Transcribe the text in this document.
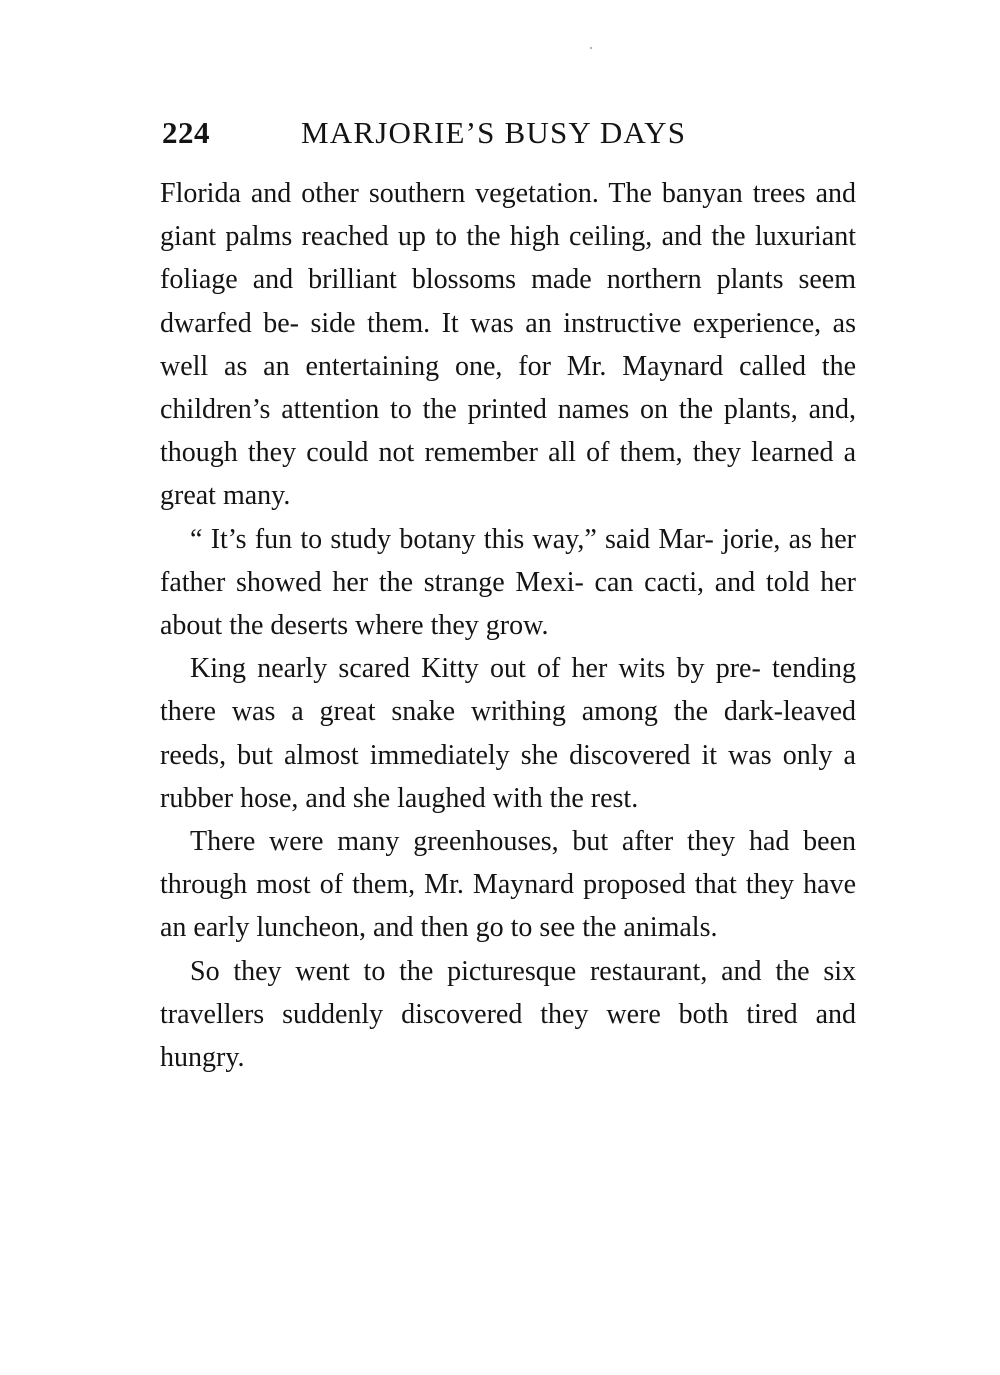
224	MARJORIE’S BUSY DAYS

Florida and other southern vegetation. The banyan trees and giant palms reached up to the high ceiling, and the luxuriant foliage and brilliant blossoms made northern plants seem dwarfed be- side them. It was an instructive experience, as well as an entertaining one, for Mr. Maynard called the children’s attention to the printed names on the plants, and, though they could not remember all of them, they learned a great many.

“ It’s fun to study botany this way,” said Mar- jorie, as her father showed her the strange Mexi- can cacti, and told her about the deserts where they grow.

King nearly scared Kitty out of her wits by pre- tending there was a great snake writhing among the dark-leaved reeds, but almost immediately she discovered it was only a rubber hose, and she laughed with the rest.

There were many greenhouses, but after they had been through most of them, Mr. Maynard proposed that they have an early luncheon, and then go to see the animals.

So they went to the picturesque restaurant, and the six travellers suddenly discovered they were both tired and hungry.
